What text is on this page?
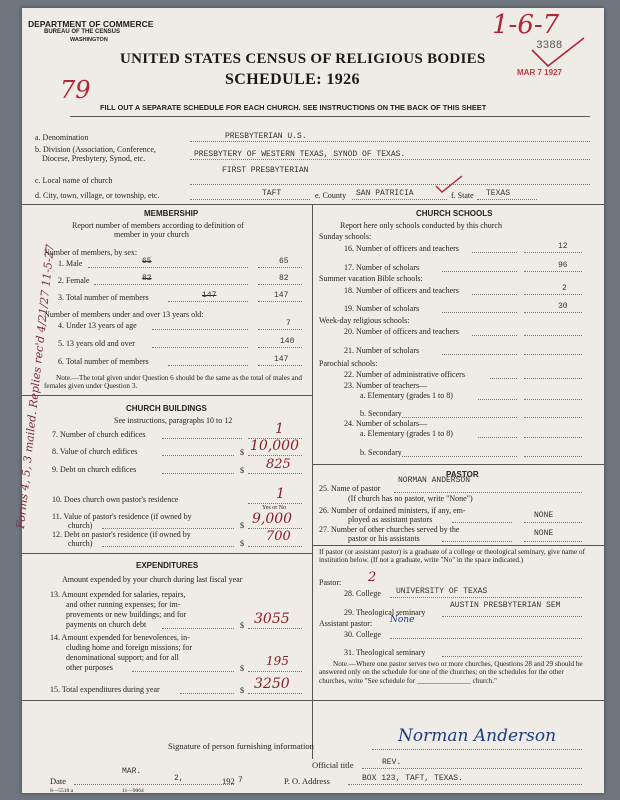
DEPARTMENT OF COMMERCE
BUREAU OF THE CENSUS
WASHINGTON
UNITED STATES CENSUS OF RELIGIOUS BODIES
SCHEDULE: 1926
FILL OUT A SEPARATE SCHEDULE FOR EACH CHURCH. SEE INSTRUCTIONS ON THE BACK OF THIS SHEET
3388
MAR 7 1927
1-6-7
79
a. Denomination	PRESBYTERIAN U.S.
b. Division (Association, Conference,
Diocese, Presbytery, Synod, etc.	PRESBYTERY OF WESTERN TEXAS, SYNOD OF TEXAS.
FIRST PRESBYTERIAN
c. Local name of church
d. City, town, village, or township, etc.	TAFT	e. County SAN PATRICIA	f. State TEXAS
MEMBERSHIP
Report number of members according to definition of
member in your church
Number of members, by sex:
1. Male	65	65
2. Female	82	82
3. Total number of members	147	147
Number of members under and over 13 years old:
4. Under 13 years of age	7
5. 13 years old and over	140
6. Total number of members	147
Note.—The total given under Question 6 should be the same as the total of males and females given under Question 3.
CHURCH BUILDINGS
See instructions, paragraphs 10 to 12
7. Number of church edifices	1
8. Value of church edifices	$ 10,000
9. Debt on church edifices	$ 825
10. Does church own pastor's residence	1
Yes or No
11. Value of pastor's residence (if owned by
church)	$ 9,000
12. Debt on pastor's residence (if owned by
church)	$ 700
EXPENDITURES
Amount expended by your church during last fiscal year
13. Amount expended for salaries, repairs,
and other running expenses; for im-
provements or new buildings; and for
payments on church debt	$ 3055
14. Amount expended for benevolences, in-
cluding home and foreign missions; for
denominational support; and for all
other purposes	$
195
15. Total expenditures during year	$ 3250
CHURCH SCHOOLS
Report here only schools conducted by this church
Sunday schools:
16. Number of officers and teachers	12
17. Number of scholars	96
Summer vacation Bible schools:
18. Number of officers and teachers	2
19. Number of scholars	30
Week-day religious schools:
20. Number of officers and teachers
21. Number of scholars
Parochial schools:
22. Number of administrative officers
23. Number of teachers—
a. Elementary (grades 1 to 8)
b. Secondary
24. Number of scholars—
a. Elementary (grades 1 to 8)
b. Secondary
PASTOR
25. Name of pastor
NORMAN ANDERSON
(If church has no pastor, write "None")
26. Number of ordained ministers, if any, em-
ployed as assistant pastors	NONE
27. Number of other churches served by the
pastor or his assistants
NONE
If pastor (or assistant pastor) is a graduate of a college or theological seminary, give name of institution below. (If not a graduate, write "No" in the space indicated.)
Pastor:
28. College UNIVERSITY OF TEXAS
2
29. Theological seminary
AUSTIN PRESBYTERIAN SEM
Assistant pastor: None
30. College
31. Theological seminary
Note.—Where one pastor serves two or more churches, Questions 28 and 29 should be answered only on the schedule for one of the churches; on the schedules for the other churches, write "See schedule for _______________ church."
Signature of person furnishing information	Norman Anderson
Official title	REV.
Date
MAR.
2,	192 7	P. O. Address	BOX 123, TAFT, TEXAS.
8—5518 a	11—9064
Forms 4, 5, 3 mailed. Replies rec'd 4/21/27 11-5-27
